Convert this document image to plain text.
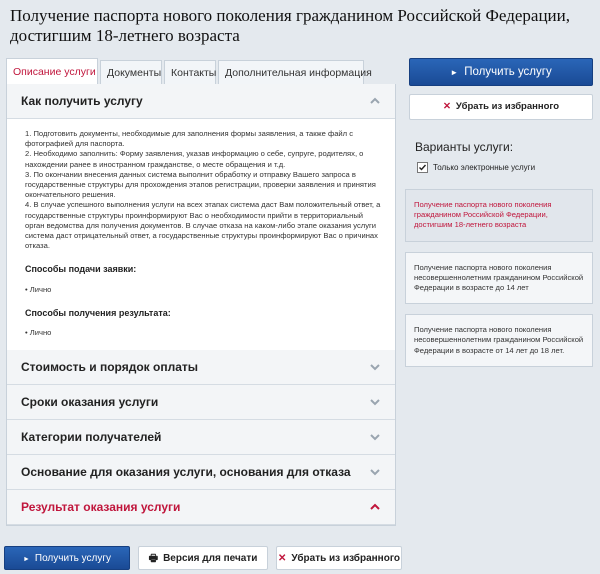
Получение паспорта нового поколения гражданином Российской Федерации, достигшим 18-летнего возраста
Описание услуги	Документы Контакты Дополнительная информация
Как получить услугу

1. Подготовить документы, необходимые для заполнения формы заявления, а также файл с фотографией для паспорта.

2. Необходимо заполнить: Форму заявления, указав информацию о себе, супруге, родителях, о нахождении ранее в иностранном гражданстве, о месте обращения и т.д.

3. По окончании внесения данных система выполнит обработку и отправку Вашего запроса в государственные структуры для прохождения этапов регистрации, проверки заявления и принятия окончательного решения.

4. В случае успешного выполнения услуги на всех этапах система даст Вам положительный ответ, а государственные структуры проинформируют Вас о необходимости прийти в территориальный орган ведомства для получения документов. В случае отказа на каком-либо этапе оказания услуги система даст отрицательный ответ, а государственные структуры проинформируют Вас о причинах отказа.

Способы подачи заявки:
• Лично
Способы получения результата:
• Лично
Стоимость и порядок оплаты
Сроки оказания услуги
Категории получателей
Основание для оказания услуги, основания для отказа
Результат оказания услуги
► Получить услугу
✕ Убрать из избранного
Варианты услуги:
Только электронные услуги
Получение паспорта нового поколения гражданином Российской Федерации, достигшим 18-летнего возраста
Получение паспорта нового поколения несовершеннолетним гражданином Российской Федерации в возрасте до 14 лет
Получение паспорта нового поколения несовершеннолетним гражданином Российской Федерации в возрасте от 14 лет до 18 лет.
► Получить услугу	🖶 Версия для печати	✕ Убрать из избранного
